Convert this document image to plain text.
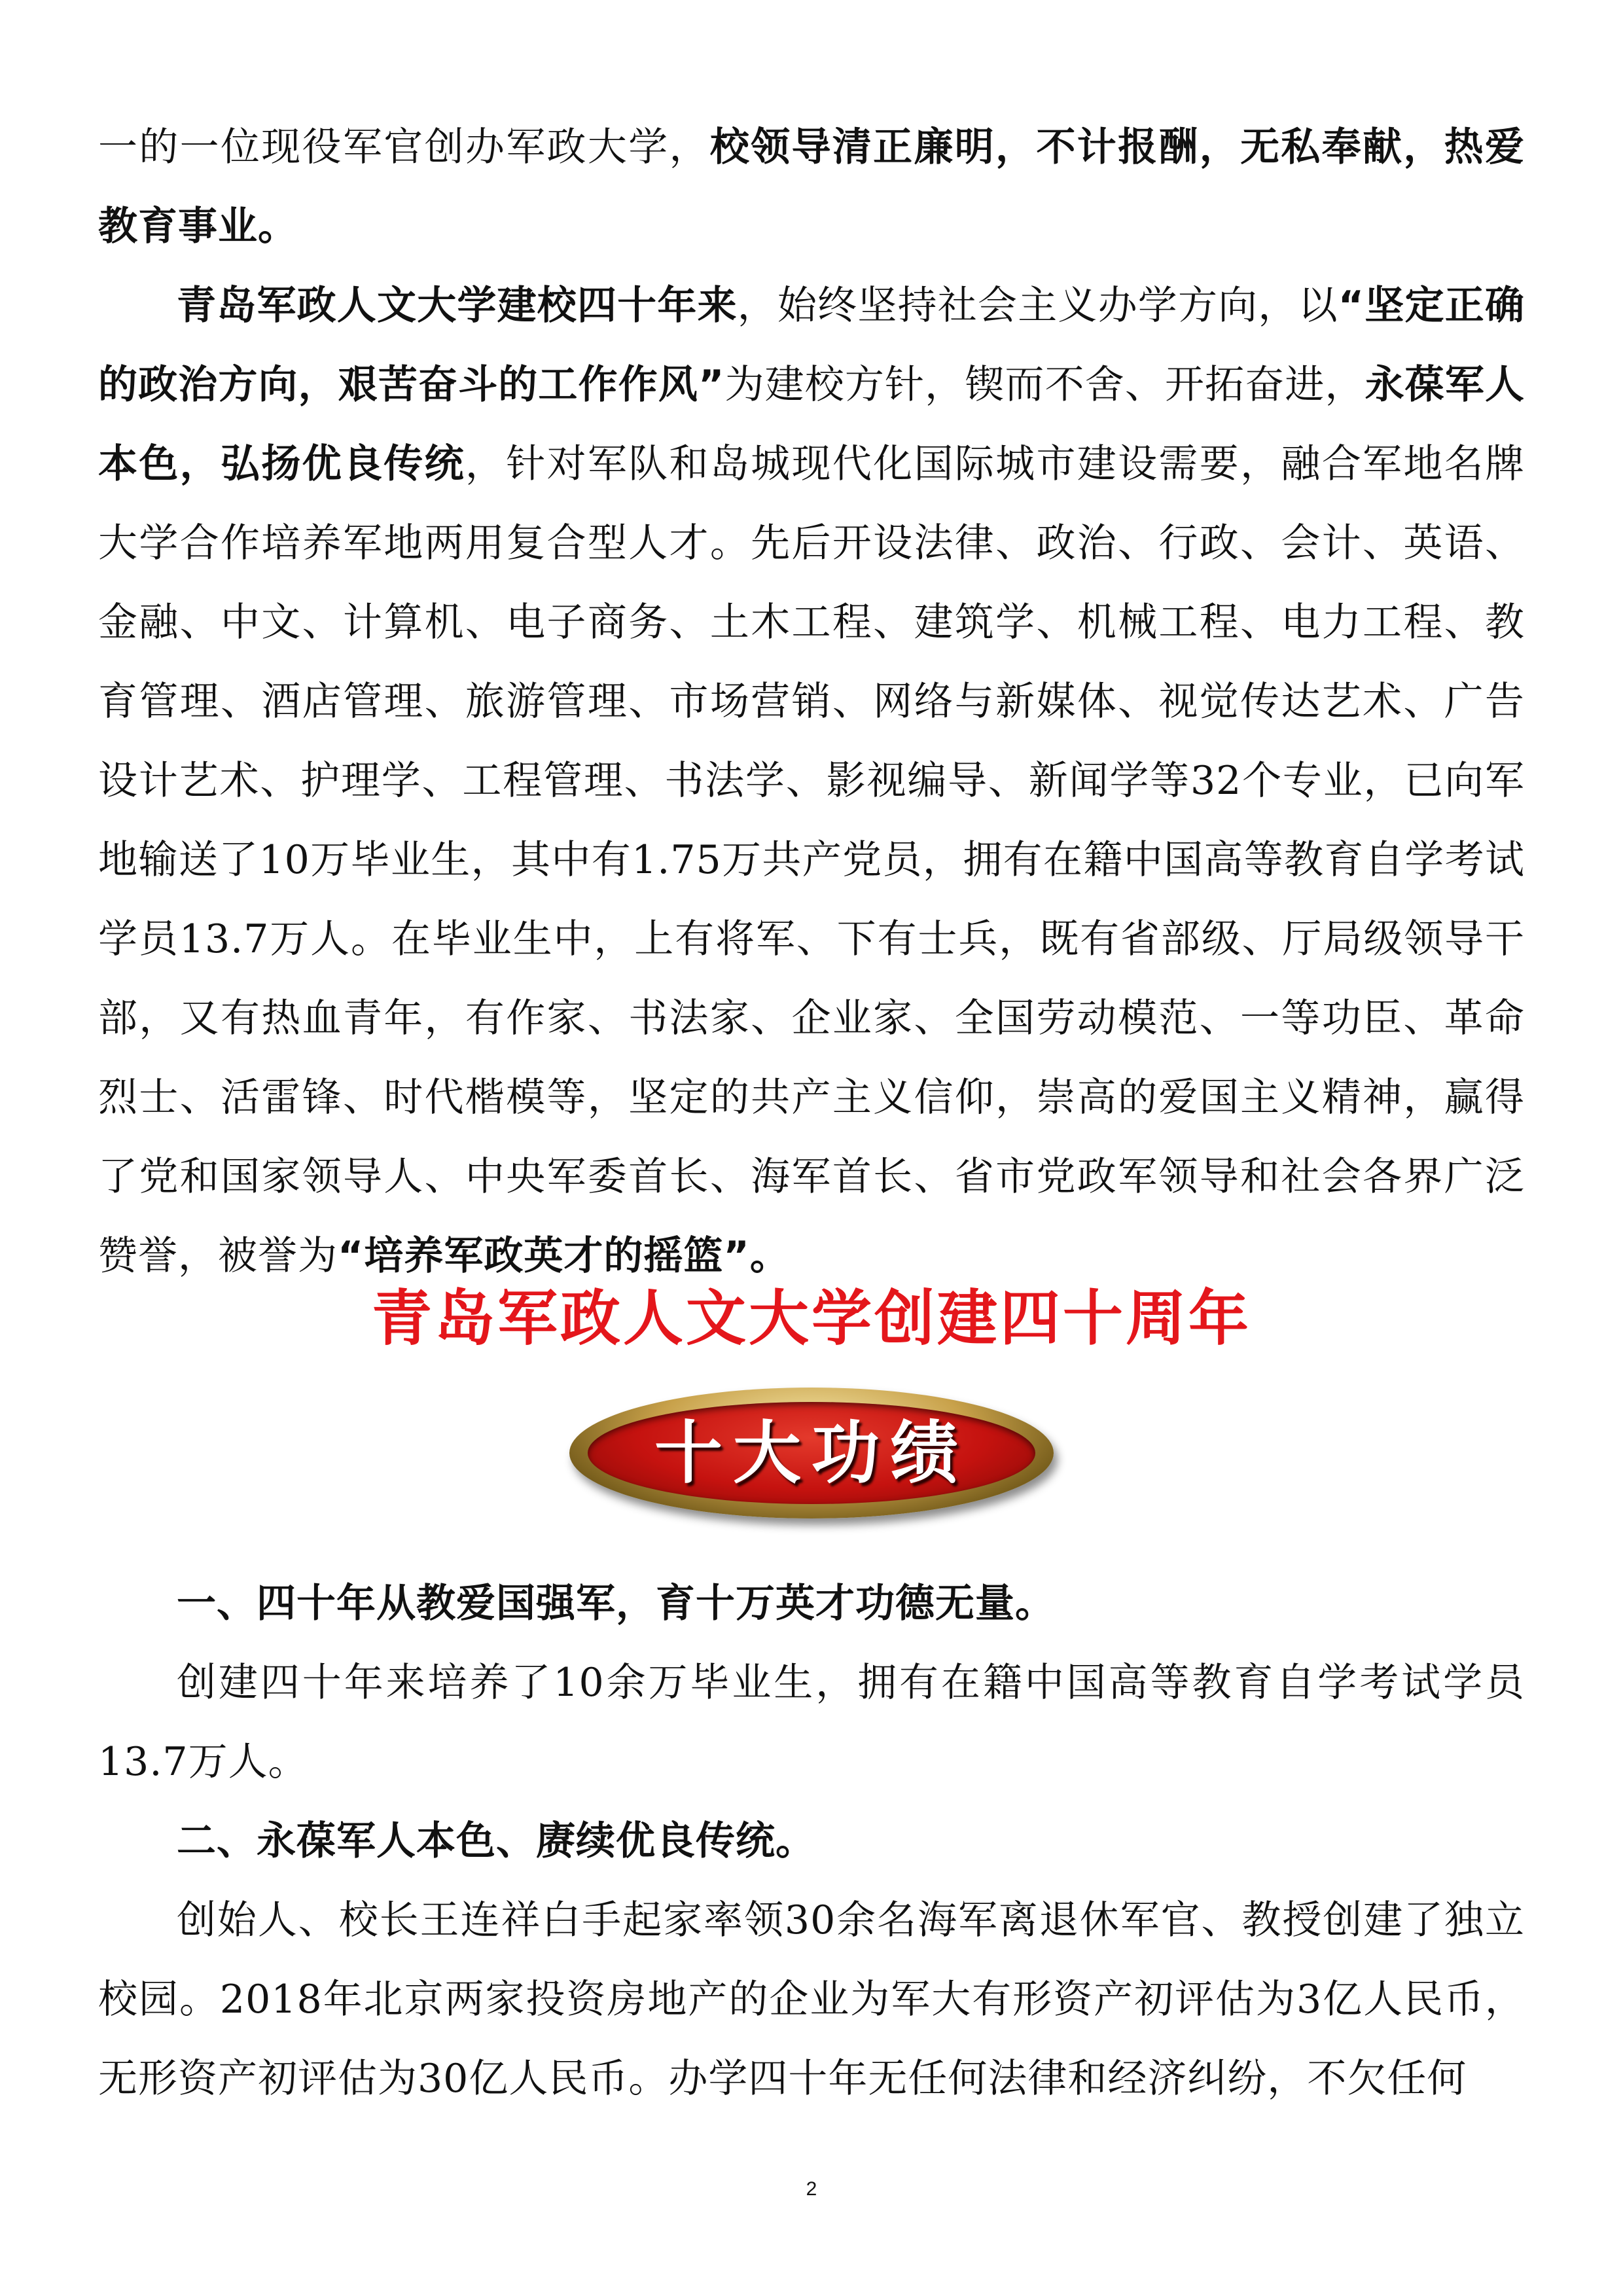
一的一位现役军官创办军政大学，校领导清正廉明，不计报酬，无私奉献，热爱教育事业。

青岛军政人文大学建校四十年来，始终坚持社会主义办学方向，以“坚定正确的政治方向，艰苦奋斗的工作作风”为建校方针，锲而不舍、开拓奋进，永葆军人本色，弘扬优良传统，针对军队和岛城现代化国际城市建设需要，融合军地名牌大学合作培养军地两用复合型人才。先后开设法律、政治、行政、会计、英语、金融、中文、计算机、电子商务、土木工程、建筑学、机械工程、电力工程、教育管理、酒店管理、旅游管理、市场营销、网络与新媒体、视觉传达艺术、广告设计艺术、护理学、工程管理、书法学、影视编导、新闻学等32个专业，已向军地输送了10万毕业生，其中有1.75万共产党员，拥有在籍中国高等教育自学考试学员13.7万人。在毕业生中，上有将军、下有士兵，既有省部级、厅局级领导干部，又有热血青年，有作家、书法家、企业家、全国劳动模范、一等功臣、革命烈士、活雷锋、时代楷模等，坚定的共产主义信仰，崇高的爱国主义精神，赢得了党和国家领导人、中央军委首长、海军首长、省市党政军领导和社会各界广泛赞誉，被誉为“培养军政英才的摇篮”。

青岛军政人文大学创建四十周年
十大功绩

一、四十年从教爱国强军，育十万英才功德无量。

创建四十年来培养了10余万毕业生，拥有在籍中国高等教育自学考试学员13.7万人。

二、永葆军人本色、赓续优良传统。

创始人、校长王连祥白手起家率领30余名海军离退休军官、教授创建了独立校园。2018年北京两家投资房地产的企业为军大有形资产初评估为3亿人民币，无形资产初评估为30亿人民币。办学四十年无任何法律和经济纠纷，不欠任何

2
